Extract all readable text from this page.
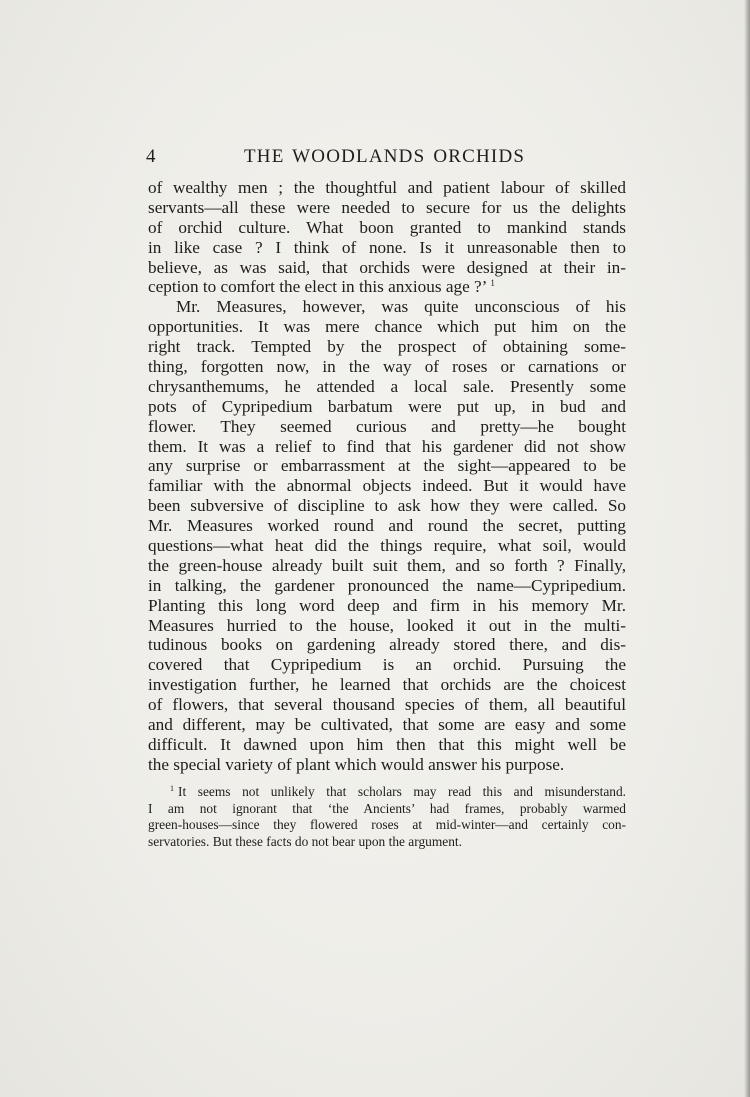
4	THE WOODLANDS ORCHIDS
of wealthy men ; the thoughtful and patient labour of skilled
servants—all these were needed to secure for us the delights
of orchid culture. What boon granted to mankind stands
in like case ? I think of none. Is it unreasonable then to
believe, as was said, that orchids were designed at their in-
ception to comfort the elect in this anxious age ?’ $^1$
Mr. Measures, however, was quite unconscious of his
opportunities. It was mere chance which put him on the
right track. Tempted by the prospect of obtaining some-
thing, forgotten now, in the way of roses or carnations or
chrysanthemums, he attended a local sale. Presently some
pots of Cypripedium barbatum were put up, in bud and
flower. They seemed curious and pretty—he bought
them. It was a relief to find that his gardener did not show
any surprise or embarrassment at the sight—appeared to be
familiar with the abnormal objects indeed. But it would have
been subversive of discipline to ask how they were called. So
Mr. Measures worked round and round the secret, putting
questions—what heat did the things require, what soil, would
the green-house already built suit them, and so forth ? Finally,
in talking, the gardener pronounced the name—Cypripedium.
Planting this long word deep and firm in his memory Mr.
Measures hurried to the house, looked it out in the multi-
tudinous books on gardening already stored there, and dis-
covered that Cypripedium is an orchid. Pursuing the
investigation further, he learned that orchids are the choicest
of flowers, that several thousand species of them, all beautiful
and different, may be cultivated, that some are easy and some
difficult. It dawned upon him then that this might well be
the special variety of plant which would answer his purpose.
$^1$ It seems not unlikely that scholars may read this and misunderstand.
I am not ignorant that ‘the Ancients’ had frames, probably warmed
green-houses—since they flowered roses at mid-winter—and certainly con-
servatories. But these facts do not bear upon the argument.
